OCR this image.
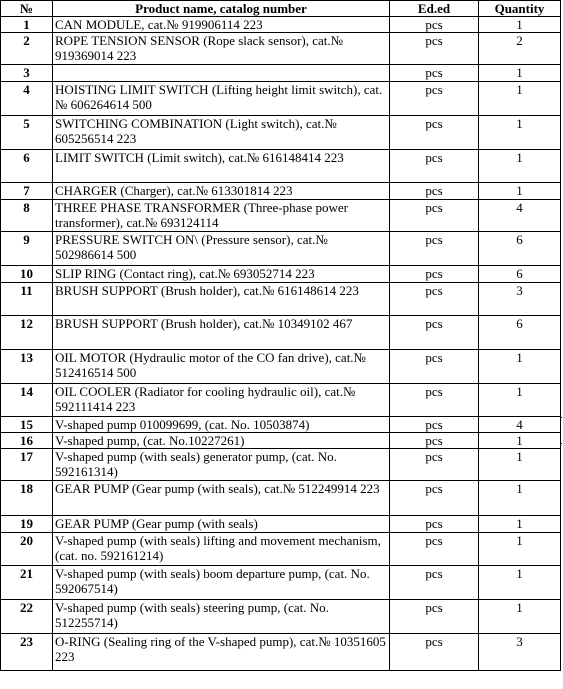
№	Product name, catalog number	Ed.ed	Quantity
1	CAN MODULE, cat.№ 919906114 223	pcs	1
2	ROPE TENSION SENSOR (Rope slack sensor), cat.№ 919369014 223	pcs	2
3		pcs	1
4	HOISTING LIMIT SWITCH (Lifting height limit switch), cat.№ 606264614 500	pcs	1
5	SWITCHING COMBINATION (Light switch), cat.№ 605256514 223	pcs	1
6	LIMIT SWITCH (Limit switch), cat.№ 616148414 223	pcs	1
7	CHARGER (Charger), cat.№ 613301814 223	pcs	1
8	THREE PHASE TRANSFORMER (Three-phase power transformer), cat.№ 693124114	pcs	4
9	PRESSURE SWITCH ON\ (Pressure sensor), cat.№ 502986614 500	pcs	6
10	SLIP RING (Contact ring), cat.№ 693052714 223	pcs	6
11	BRUSH SUPPORT (Brush holder), cat.№ 616148614 223	pcs	3
12	BRUSH SUPPORT (Brush holder), cat.№ 10349102 467	pcs	6
13	OIL MOTOR (Hydraulic motor of the CO fan drive), cat.№ 512416514 500	pcs	1
14	OIL COOLER (Radiator for cooling hydraulic oil), cat.№ 592111414 223	pcs	1
15	V-shaped pump 010099699, (cat. No. 10503874)	pcs	4
16	V-shaped pump, (cat. No.10227261)	pcs	1
17	V-shaped pump (with seals) generator pump, (cat. No. 592161314)	pcs	1
18	GEAR PUMP (Gear pump (with seals), cat.№ 512249914 223	pcs	1
19	GEAR PUMP (Gear pump (with seals)	pcs	1
20	V-shaped pump (with seals) lifting and movement mechanism, (cat. no. 592161214)	pcs	1
21	V-shaped pump (with seals) boom departure pump, (cat. No. 592067514)	pcs	1
22	V-shaped pump (with seals) steering pump, (cat. No. 512255714)	pcs	1
23	O-RING (Sealing ring of the V-shaped pump), cat.№ 10351605 223	pcs	3
